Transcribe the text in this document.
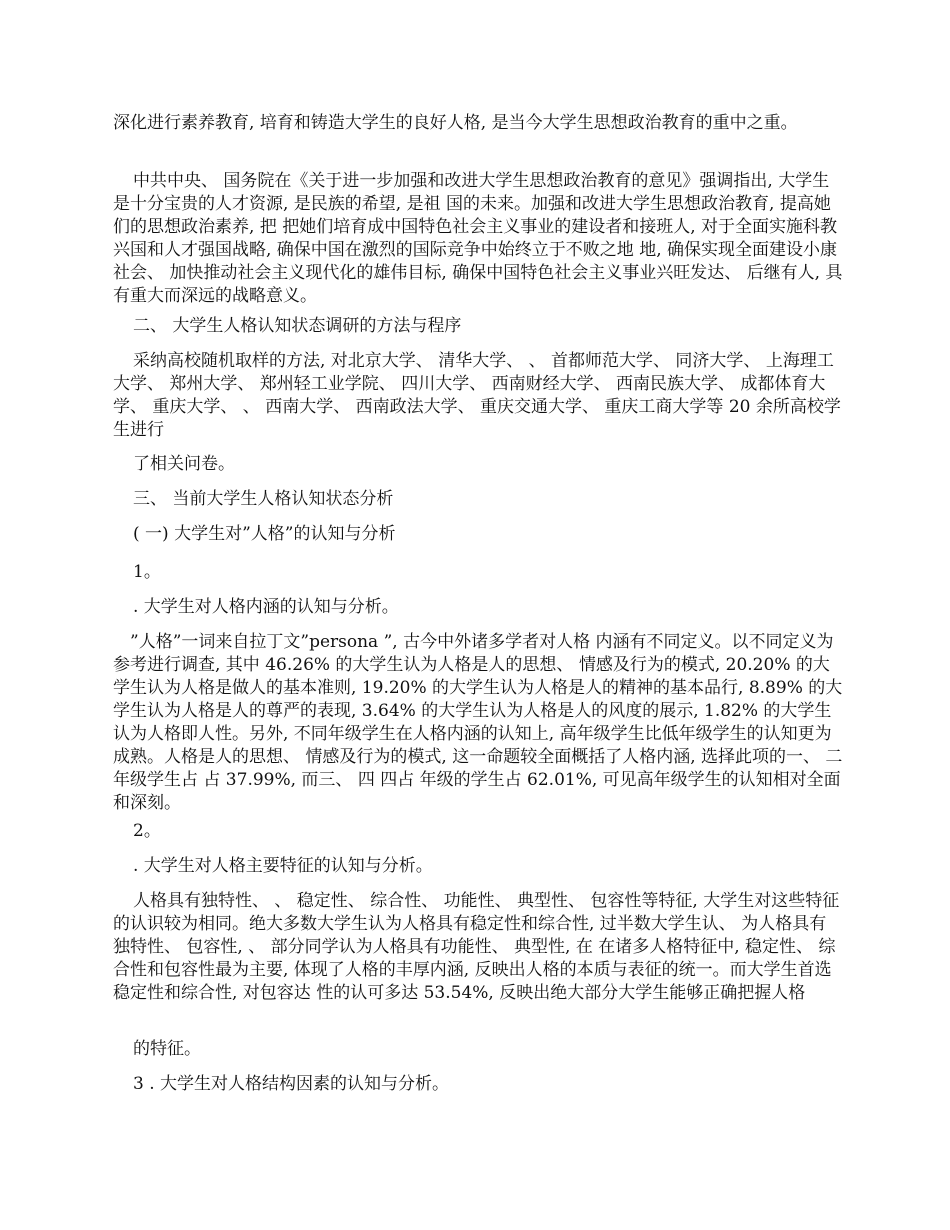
深化进行素养教育, 培育和铸造大学生的良好人格, 是当今大学生思想政治教育的重中之重。

中共中央、 国务院在《关于进一步加强和改进大学生思想政治教育的意见》强调指出, 大学生是十分宝贵的人才资源, 是民族的希望, 是祖 国的未来。加强和改进大学生思想政治教育, 提高她们的思想政治素养, 把 把她们培育成中国特色社会主义事业的建设者和接班人, 对于全面实施科教兴国和人才强国战略, 确保中国在激烈的国际竞争中始终立于不败之地 地, 确保实现全面建设小康社会、 加快推动社会主义现代化的雄伟目标, 确保中国特色社会主义事业兴旺发达、 后继有人, 具有重大而深远的战略意义。

二、 大学生人格认知状态调研的方法与程序

采纳高校随机取样的方法, 对北京大学、 清华大学、 、 首都师范大学、 同济大学、 上海理工大学、 郑州大学、 郑州轻工业学院、 四川大学、 西南财经大学、 西南民族大学、 成都体育大学、 重庆大学、 、 西南大学、 西南政法大学、 重庆交通大学、 重庆工商大学等 20 余所高校学生进行

了相关问卷。

三、 当前大学生人格认知状态分析

( 一) 大学生对”人格”的认知与分析

1。

. 大学生对人格内涵的认知与分析。

”人格”一词来自拉丁文”persona ”, 古今中外诸多学者对人格 内涵有不同定义。以不同定义为参考进行调查, 其中 46.26% 的大学生认为人格是人的思想、 情感及行为的模式, 20.20% 的大学生认为人格是做人的基本准则, 19.20% 的大学生认为人格是人的精神的基本品行, 8.89% 的大学生认为人格是人的尊严的表现, 3.64% 的大学生认为人格是人的风度的展示, 1.82% 的大学生认为人格即人性。另外, 不同年级学生在人格内涵的认知上, 高年级学生比低年级学生的认知更为成熟。人格是人的思想、 情感及行为的模式, 这一命题较全面概括了人格内涵, 选择此项的一、 二年级学生占 占 37.99%, 而三、 四 四占 年级的学生占 62.01%, 可见高年级学生的认知相对全面和深刻。

2。

. 大学生对人格主要特征的认知与分析。

人格具有独特性、 、 稳定性、 综合性、 功能性、 典型性、 包容性等特征, 大学生对这些特征的认识较为相同。绝大多数大学生认为人格具有稳定性和综合性, 过半数大学生认、 为人格具有独特性、 包容性, 、 部分同学认为人格具有功能性、 典型性, 在 在诸多人格特征中, 稳定性、 综合性和包容性最为主要, 体现了人格的丰厚内涵, 反映出人格的本质与表征的统一。而大学生首选稳定性和综合性, 对包容达 性的认可多达 53.54%, 反映出绝大部分大学生能够正确把握人格

的特征。

3 . 大学生对人格结构因素的认知与分析。
